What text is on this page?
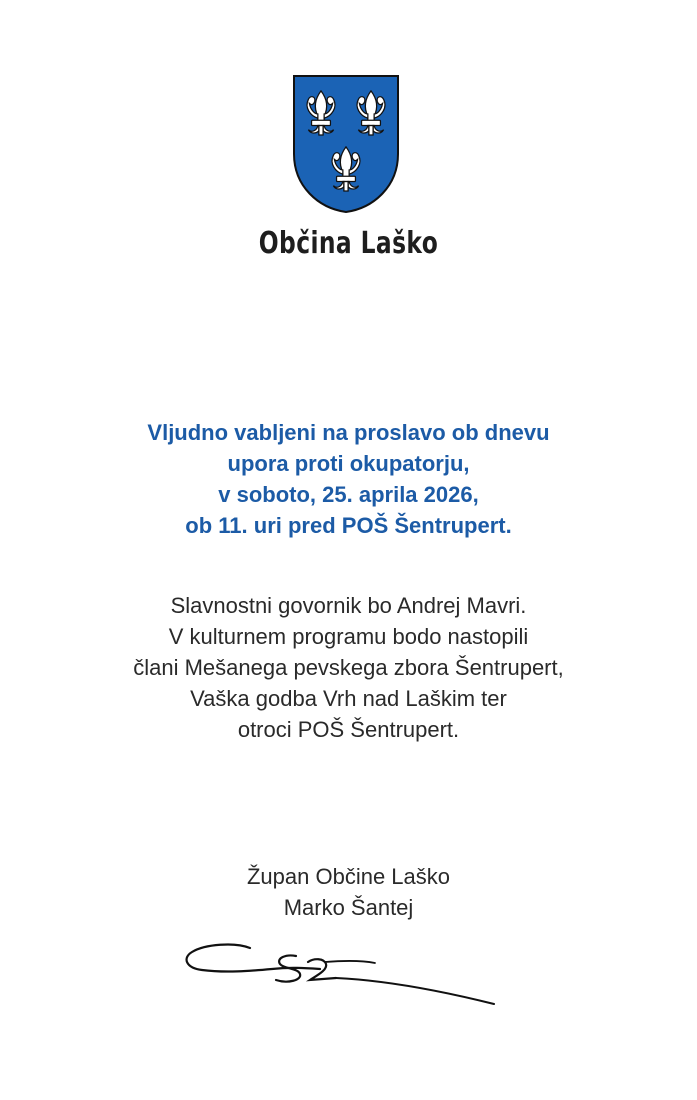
Občina Laško
Vljudno vabljeni na proslavo ob dnevu
upora proti okupatorju,
v soboto, 25. aprila 2026,
ob 11. uri pred POŠ Šentrupert.
Slavnostni govornik bo Andrej Mavri.
V kulturnem programu bodo nastopili
člani Mešanega pevskega zbora Šentrupert,
Vaška godba Vrh nad Laškim ter
otroci POŠ Šentrupert.
Župan Občine Laško
Marko Šantej
